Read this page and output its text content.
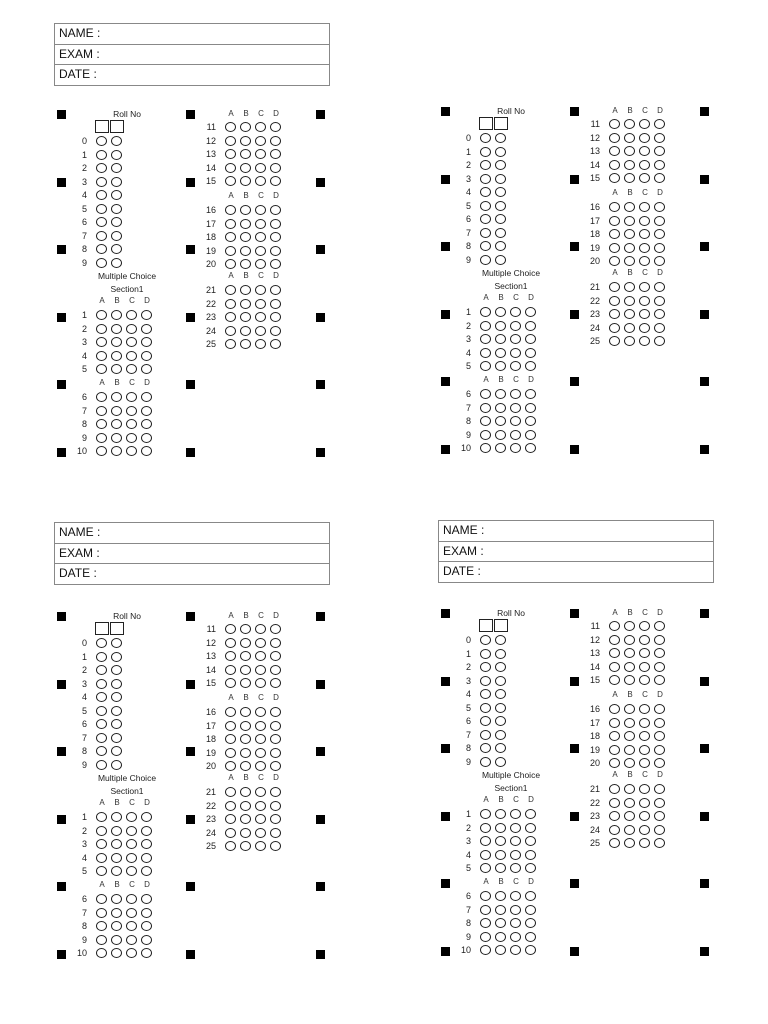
NAME :
EXAM :
DATE :
NAME :
EXAM :
DATE :
NAME :
EXAM :
DATE :
Roll No
0
1
2
3
4
5
6
7
8
9
Multiple Choice
Section1
A	B	C	D
1
2
3
4
5
A	B	C	D
6
7
8
9
10
A	B	C	D
11
12
13
14
15
A	B	C	D
16
17
18
19
20
A	B	C	D
21
22
23
24
25
Roll No
0
1
2
3
4
5
6
7
8
9
Multiple Choice
Section1
A	B	C	D
1
2
3
4
5
A	B	C	D
6
7
8
9
10
A	B	C	D
11
12
13
14
15
A	B	C	D
16
17
18
19
20
A	B	C	D
21
22
23
24
25
Roll No
0
1
2
3
4
5
6
7
8
9
Multiple Choice
Section1
A	B	C	D
1
2
3
4
5
A	B	C	D
6
7
8
9
10
A	B	C	D
11
12
13
14
15
A	B	C	D
16
17
18
19
20
A	B	C	D
21
22
23
24
25
Roll No
0
1
2
3
4
5
6
7
8
9
Multiple Choice
Section1
A	B	C	D
1
2
3
4
5
A	B	C	D
6
7
8
9
10
A	B	C	D
11
12
13
14
15
A	B	C	D
16
17
18
19
20
A	B	C	D
21
22
23
24
25
